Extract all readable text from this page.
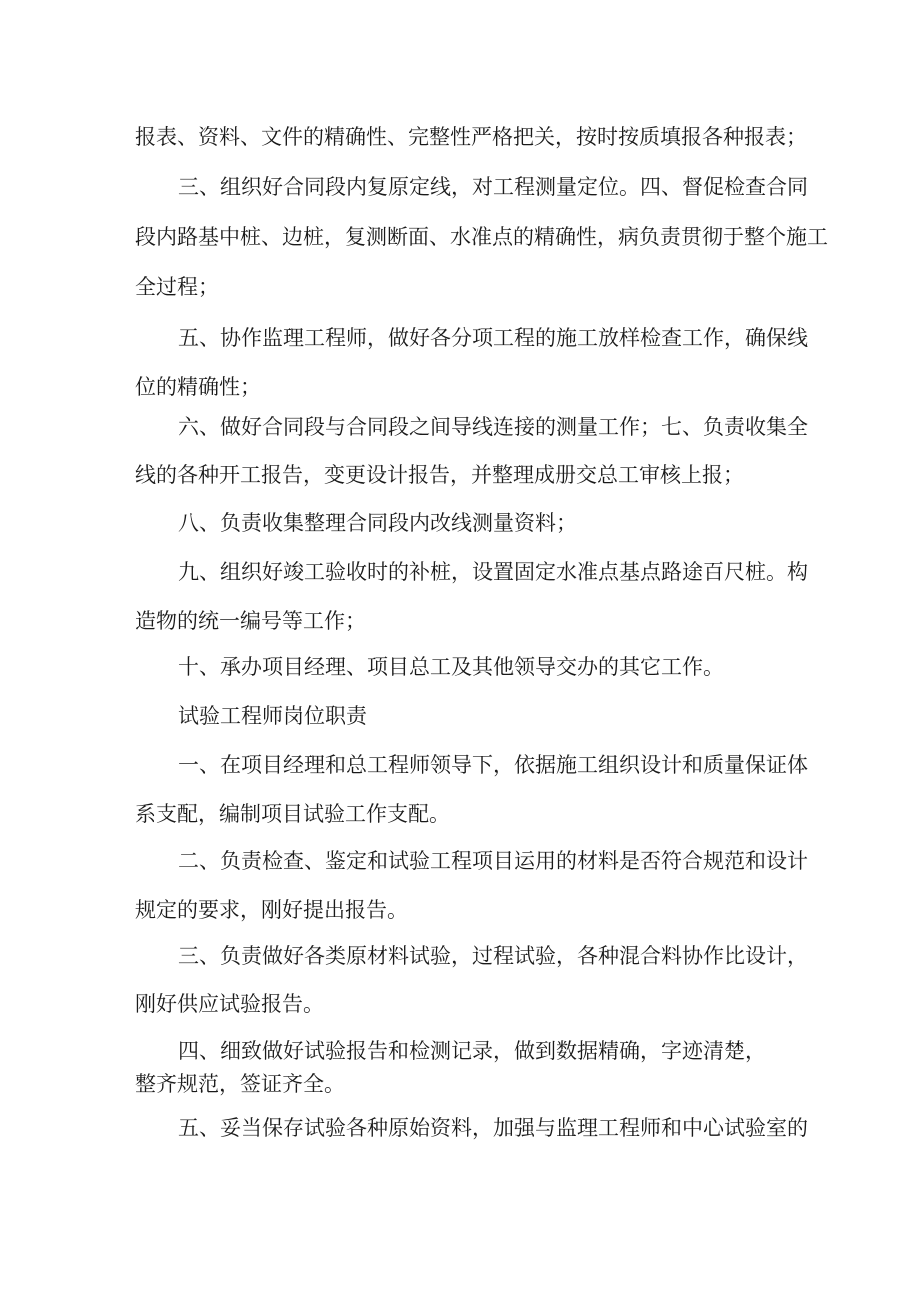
报表、资料、文件的精确性、完整性严格把关，按时按质填报各种报表；
三、组织好合同段内复原定线，对工程测量定位。四、督促检查合同
段内路基中桩、边桩，复测断面、水准点的精确性，病负责贯彻于整个施工
全过程；
五、协作监理工程师，做好各分项工程的施工放样检查工作，确保线
位的精确性；
六、做好合同段与合同段之间导线连接的测量工作；七、负责收集全
线的各种开工报告，变更设计报告，并整理成册交总工审核上报；
八、负责收集整理合同段内改线测量资料；
九、组织好竣工验收时的补桩，设置固定水准点基点路途百尺桩。构
造物的统一编号等工作；
十、承办项目经理、项目总工及其他领导交办的其它工作。
试验工程师岗位职责
一、在项目经理和总工程师领导下，依据施工组织设计和质量保证体
系支配，编制项目试验工作支配。
二、负责检查、鉴定和试验工程项目运用的材料是否符合规范和设计
规定的要求，刚好提出报告。
三、负责做好各类原材料试验，过程试验，各种混合料协作比设计，
刚好供应试验报告。
四、细致做好试验报告和检测记录，做到数据精确，字迹清楚，
整齐规范，签证齐全。
五、妥当保存试验各种原始资料，加强与监理工程师和中心试验室的
